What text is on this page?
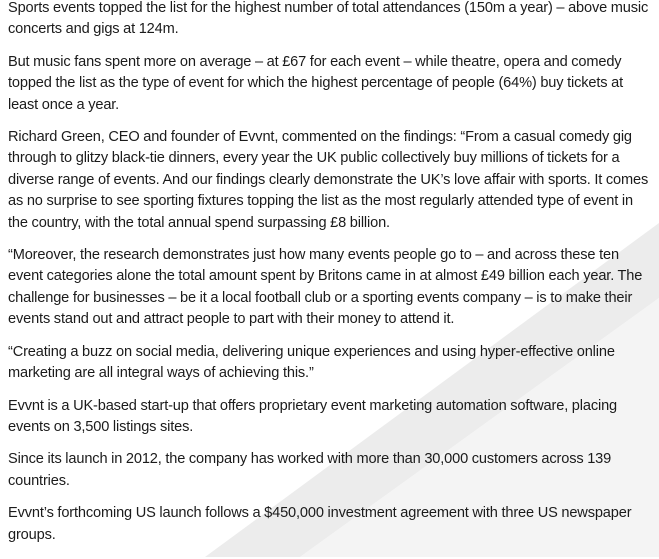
Sports events topped the list for the highest number of total attendances (150m a year) – above music concerts and gigs at 124m.

But music fans spent more on average – at £67 for each event – while theatre, opera and comedy topped the list as the type of event for which the highest percentage of people (64%) buy tickets at least once a year.

Richard Green, CEO and founder of Evvnt, commented on the findings: “From a casual comedy gig through to glitzy black-tie dinners, every year the UK public collectively buy millions of tickets for a diverse range of events. And our findings clearly demonstrate the UK’s love affair with sports. It comes as no surprise to see sporting fixtures topping the list as the most regularly attended type of event in the country, with the total annual spend surpassing £8 billion.

“Moreover, the research demonstrates just how many events people go to – and across these ten event categories alone the total amount spent by Britons came in at almost £49 billion each year. The challenge for businesses – be it a local football club or a sporting events company – is to make their events stand out and attract people to part with their money to attend it.

“Creating a buzz on social media, delivering unique experiences and using hyper-effective online marketing are all integral ways of achieving this.”

Evvnt is a UK-based start-up that offers proprietary event marketing automation software, placing events on 3,500 listings sites.

Since its launch in 2012, the company has worked with more than 30,000 customers across 139 countries.

Evvnt’s forthcoming US launch follows a $450,000 investment agreement with three US newspaper groups.
